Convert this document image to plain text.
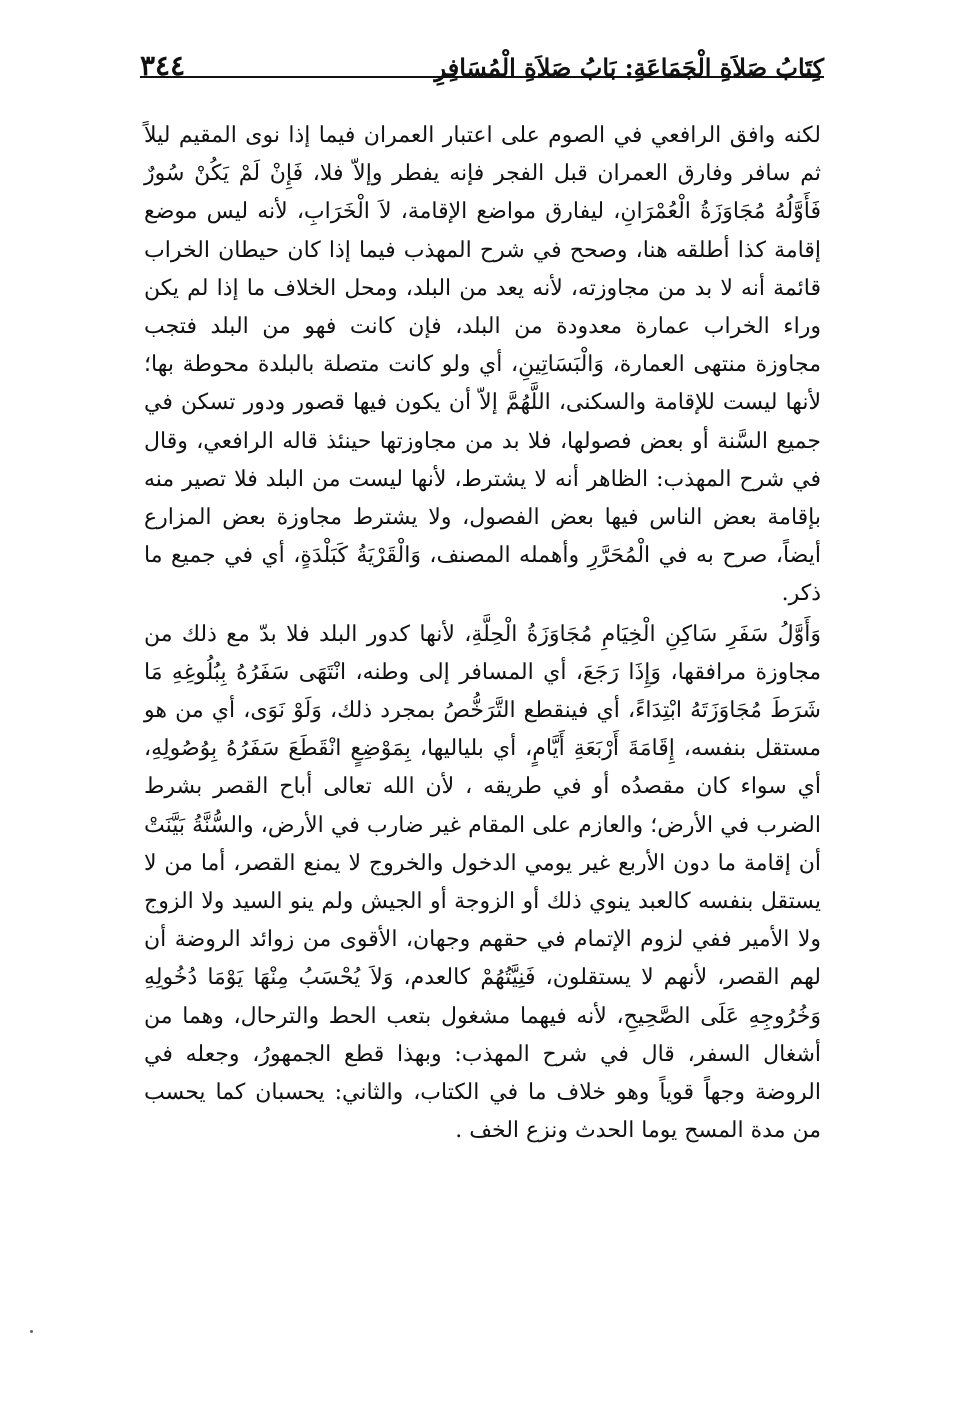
كِتَابُ صَلاَةِ الْجَمَاعَةِ: بَابُ صَلاَةِ الْمُسَافِرِ
٣٤٤

لكنه وافق الرافعي في الصوم على اعتبار العمران فيما إذا نوى المقيم ليلاً ثم سافر وفارق العمران قبل الفجر فإنه يفطر وإلاّ فلا، فَإِنْ لَمْ يَكُنْ سُورٌ فَأَوَّلُهُ مُجَاوَزَةُ الْعُمْرَانِ، ليفارق مواضع الإقامة، لاَ الْخَرَابِ، لأنه ليس موضع إقامة كذا أطلقه هنا، وصحح في شرح المهذب فيما إذا كان حيطان الخراب قائمة أنه لا بد من مجاوزته، لأنه يعد من البلد، ومحل الخلاف ما إذا لم يكن وراء الخراب عمارة معدودة من البلد، فإن كانت فهو من البلد فتجب مجاوزة منتهى العمارة، وَالْبَسَاتِينِ، أي ولو كانت متصلة بالبلدة محوطة بها؛ لأنها ليست للإقامة والسكنى، اللَّهُمَّ إلاّ أن يكون فيها قصور ودور تسكن في جميع السَّنة أو بعض فصولها، فلا بد من مجاوزتها حينئذ قاله الرافعي، وقال في شرح المهذب: الظاهر أنه لا يشترط، لأنها ليست من البلد فلا تصير منه بإقامة بعض الناس فيها بعض الفصول، ولا يشترط مجاوزة بعض المزارع أيضاً، صرح به في الْمُحَرَّرِ وأهمله المصنف، وَالْقَرْيَةُ كَبَلْدَةٍ، أي في جميع ما ذكر.

وَأَوَّلُ سَفَرِ سَاكِنِ الْخِيَامِ مُجَاوَزَةُ الْحِلَّةِ، لأنها كدور البلد فلا بدّ مع ذلك من مجاوزة مرافقها، وَإِذَا رَجَعَ، أي المسافر إلى وطنه، انْتَهَى سَفَرُهُ بِبُلُوغِهِ مَا شَرَطَ مُجَاوَزَتَهُ ابْتِدَاءً، أي فينقطع التَّرَخُّصُ بمجرد ذلك، وَلَوْ نَوَى، أي من هو مستقل بنفسه، إِقَامَةَ أَرْبَعَةِ أَيَّامٍ، أي بلياليها، بِمَوْضِعٍ انْقَطَعَ سَفَرُهُ بِوُصُولِهِ، أي سواء كان مقصدُه أو في طريقه ، لأن الله تعالى أباح القصر بشرط الضرب في الأرض؛ والعازم على المقام غير ضارب في الأرض، والسُّنَّةُ بَيَّنَتْ أن إقامة ما دون الأربع غير يومي الدخول والخروج لا يمنع القصر، أما من لا يستقل بنفسه كالعبد ينوي ذلك أو الزوجة أو الجيش ولم ينو السيد ولا الزوج ولا الأمير ففي لزوم الإتمام في حقهم وجهان، الأقوى من زوائد الروضة أن لهم القصر، لأنهم لا يستقلون، فَنِيَّتُهُمْ كالعدم، وَلاَ يُحْسَبُ مِنْهَا يَوْمَا دُخُولِهِ وَخُرُوجِهِ عَلَى الصَّحِيحِ، لأنه فيهما مشغول بتعب الحط والترحال، وهما من أشغال السفر، قال في شرح المهذب: وبهذا قطع الجمهورُ، وجعله في الروضة وجهاً قوياً وهو خلاف ما في الكتاب، والثاني: يحسبان كما يحسب من مدة المسح يوما الحدث ونزع الخف .
